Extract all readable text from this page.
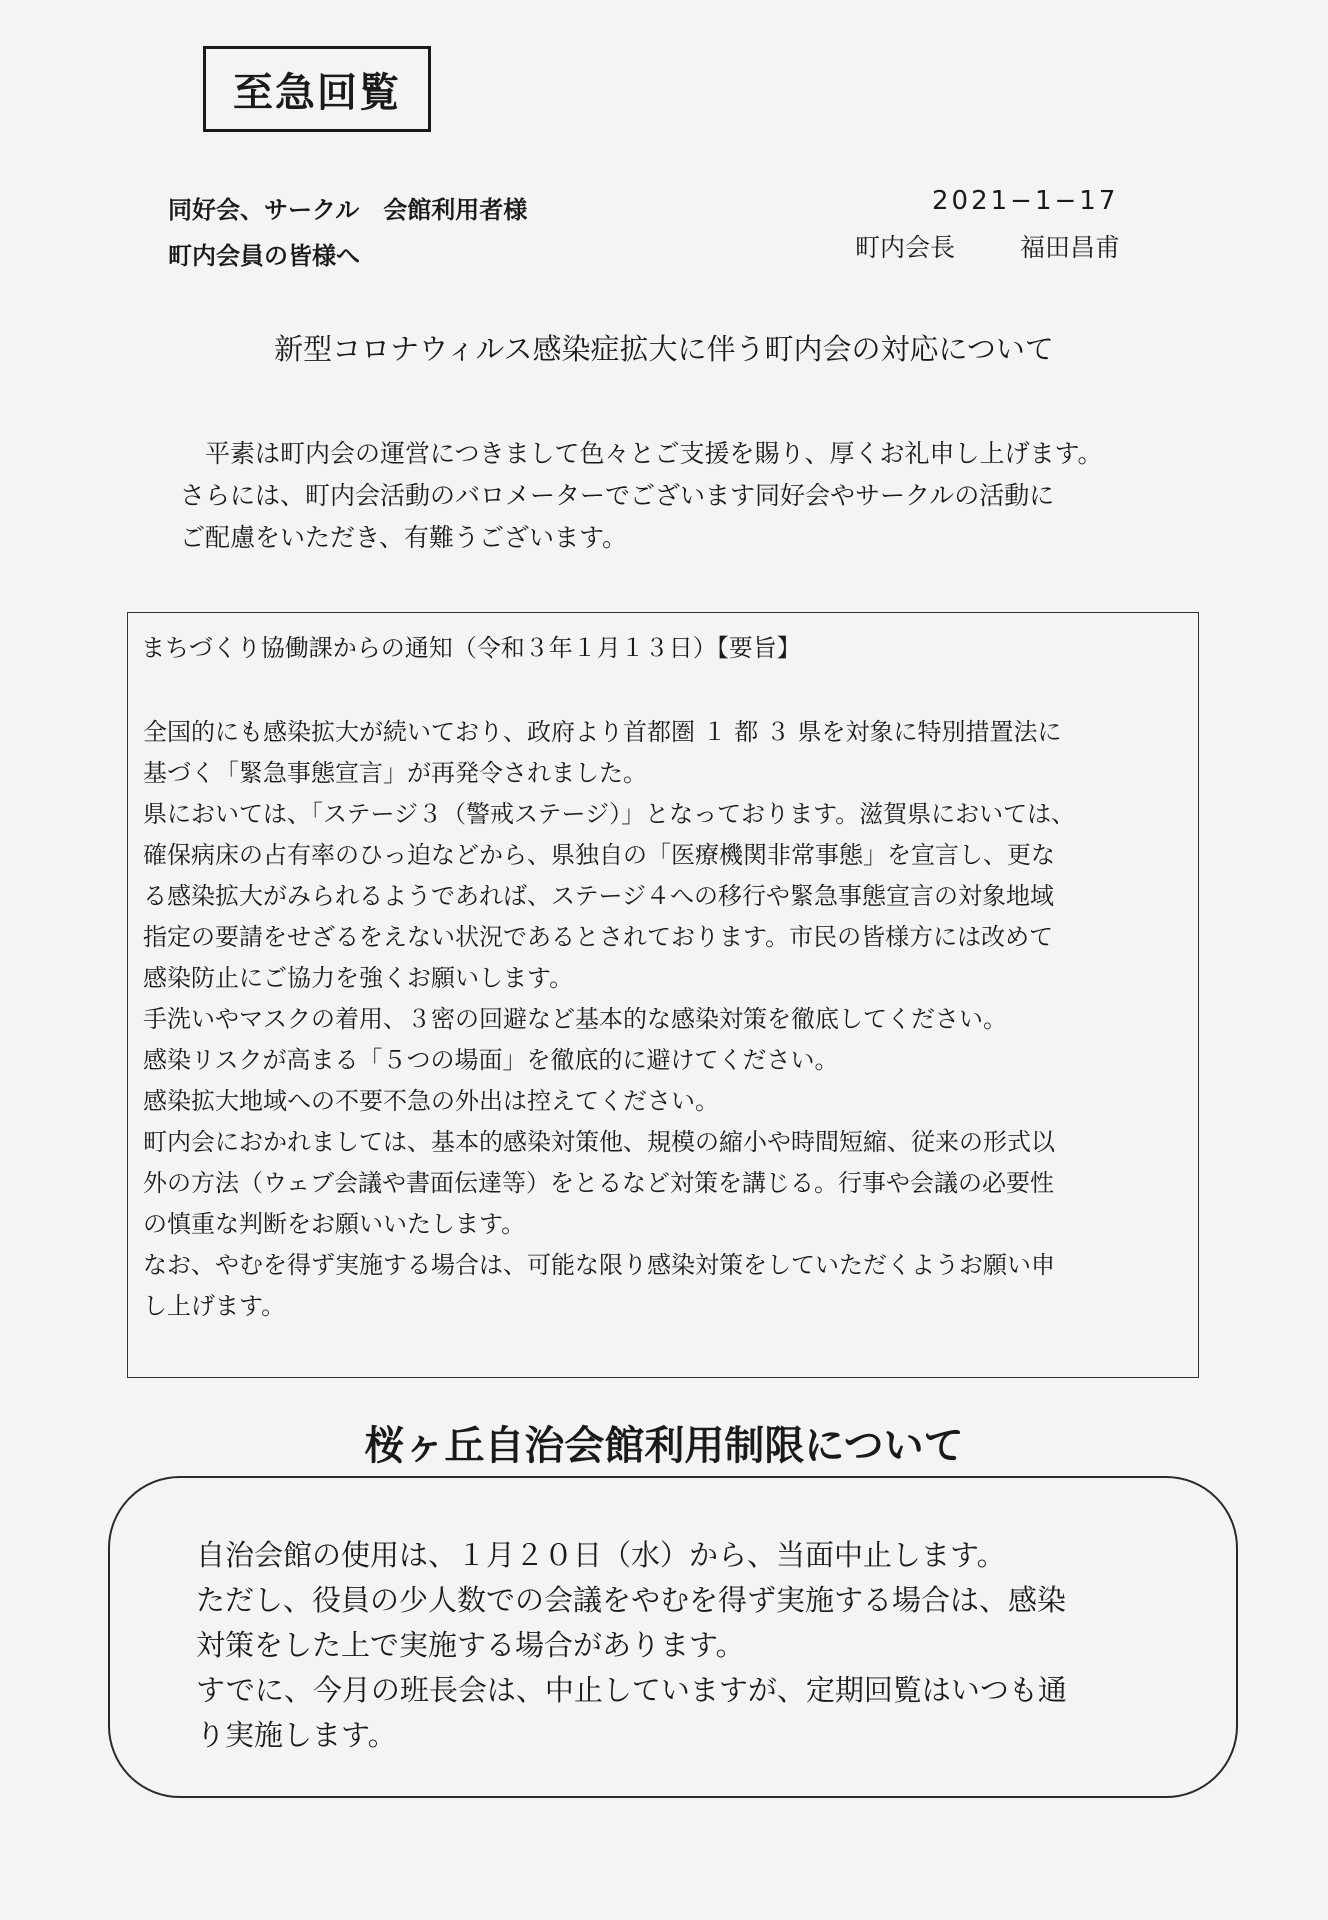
至急回覧
同好会、サークル　会館利用者様
町内会員の皆様へ
2021−1−17
町内会長	福田昌甫
新型コロナウィルス感染症拡大に伴う町内会の対応について
　平素は町内会の運営につきまして色々とご支援を賜り、厚くお礼申し上げます。
さらには、町内会活動のバロメーターでございます同好会やサークルの活動に
ご配慮をいただき、有難うございます。
まちづくり協働課からの通知（令和３年１月１３日）【要旨】
全国的にも感染拡大が続いており、政府より首都圏 １ 都 ３ 県を対象に特別措置法に
基づく「緊急事態宣言」が再発令されました。
県においては、「ステージ３（警戒ステージ）」となっております。滋賀県においては、
確保病床の占有率のひっ迫などから、県独自の「医療機関非常事態」を宣言し、更な
る感染拡大がみられるようであれば、ステージ４への移行や緊急事態宣言の対象地域
指定の要請をせざるをえない状況であるとされております。市民の皆様方には改めて
感染防止にご協力を強くお願いします。
手洗いやマスクの着用、３密の回避など基本的な感染対策を徹底してください。
感染リスクが高まる「５つの場面」を徹底的に避けてください。
感染拡大地域への不要不急の外出は控えてください。
町内会におかれましては、基本的感染対策他、規模の縮小や時間短縮、従来の形式以
外の方法（ウェブ会議や書面伝達等）をとるなど対策を講じる。行事や会議の必要性
の慎重な判断をお願いいたします。
なお、やむを得ず実施する場合は、可能な限り感染対策をしていただくようお願い申
し上げます。
桜ヶ丘自治会館利用制限について
自治会館の使用は、１月２０日（水）から、当面中止します。
ただし、役員の少人数での会議をやむを得ず実施する場合は、感染
対策をした上で実施する場合があります。
すでに、今月の班長会は、中止していますが、定期回覧はいつも通
り実施します。
